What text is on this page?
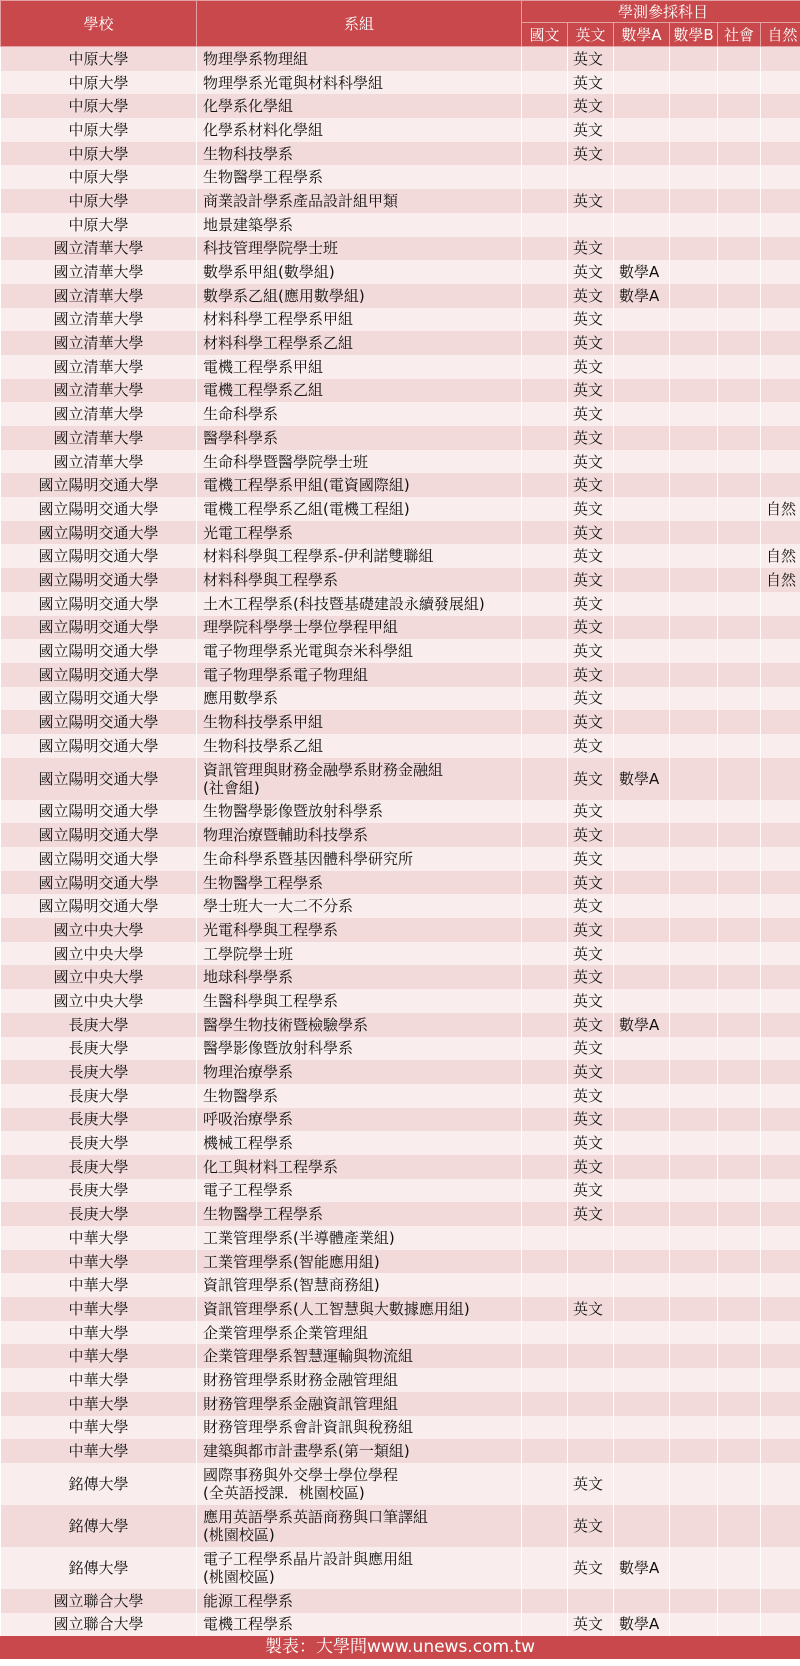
學校	系組	學測參採科目					
		國文	英文	數學A	數學B	社會	自然
中原大學	物理學系物理組		英文				
中原大學	物理學系光電與材料科學組		英文				
中原大學	化學系化學組		英文				
中原大學	化學系材料化學組		英文				
中原大學	生物科技學系		英文				
中原大學	生物醫學工程學系						

中原大學	商業設計學系產品設計組甲類		英文				
中原大學	地景建築學系						

國立清華大學	科技管理學院學士班		英文				
國立清華大學	數學系甲組(數學組)		英文	數學A			
國立清華大學	數學系乙組(應用數學組)		英文	數學A			
國立清華大學	材料科學工程學系甲組		英文				
國立清華大學	材料科學工程學系乙組		英文				
國立清華大學	電機工程學系甲組		英文				
國立清華大學	電機工程學系乙組		英文				
國立清華大學	生命科學系		英文				
國立清華大學	醫學科學系		英文				
國立清華大學	生命科學暨醫學院學士班		英文				
國立陽明交通大學	電機工程學系甲組(電資國際組)		英文				
國立陽明交通大學	電機工程學系乙組(電機工程組)		英文				自然
國立陽明交通大學	光電工程學系		英文				
國立陽明交通大學	材料科學與工程學系-伊利諾雙聯組		英文				自然
國立陽明交通大學	材料科學與工程學系		英文				自然
國立陽明交通大學	土木工程學系(科技暨基礎建設永續發展組)		英文				
國立陽明交通大學	理學院科學學士學位學程甲組		英文				
國立陽明交通大學	電子物理學系光電與奈米科學組		英文				
國立陽明交通大學	電子物理學系電子物理組		英文				
國立陽明交通大學	應用數學系		英文				
國立陽明交通大學	生物科技學系甲組		英文				
國立陽明交通大學	生物科技學系乙組		英文				
國立陽明交通大學	資訊管理與財務金融學系財務金融組
(社會組)		英文	數學A			
國立陽明交通大學	生物醫學影像暨放射科學系		英文				
國立陽明交通大學	物理治療暨輔助科技學系		英文				
國立陽明交通大學	生命科學系暨基因體科學研究所		英文				
國立陽明交通大學	生物醫學工程學系		英文				
國立陽明交通大學	學士班大一大二不分系		英文				
國立中央大學	光電科學與工程學系		英文				
國立中央大學	工學院學士班		英文				
國立中央大學	地球科學學系		英文				
國立中央大學	生醫科學與工程學系		英文				
長庚大學	醫學生物技術暨檢驗學系		英文	數學A			
長庚大學	醫學影像暨放射科學系		英文				
長庚大學	物理治療學系		英文				
長庚大學	生物醫學系		英文				
長庚大學	呼吸治療學系		英文				
長庚大學	機械工程學系		英文				
長庚大學	化工與材料工程學系		英文				
長庚大學	電子工程學系		英文				
長庚大學	生物醫學工程學系		英文				
中華大學	工業管理學系(半導體產業組)						

中華大學	工業管理學系(智能應用組)						

中華大學	資訊管理學系(智慧商務組)						

中華大學	資訊管理學系(人工智慧與大數據應用組)		英文				
中華大學	企業管理學系企業管理組						

中華大學	企業管理學系智慧運輸與物流組						

中華大學	財務管理學系財務金融管理組						

中華大學	財務管理學系金融資訊管理組						

中華大學	財務管理學系會計資訊與稅務組						

中華大學	建築與都市計畫學系(第一類組)						

銘傳大學	國際事務與外交學士學位學程
(全英語授課．桃園校區)		英文				
銘傳大學	應用英語學系英語商務與口筆譯組
(桃園校區)		英文				
銘傳大學	電子工程學系晶片設計與應用組
(桃園校區)		英文	數學A			
國立聯合大學	能源工程學系						

國立聯合大學	電機工程學系		英文	數學A			
製表：大學問www.unews.com.tw
